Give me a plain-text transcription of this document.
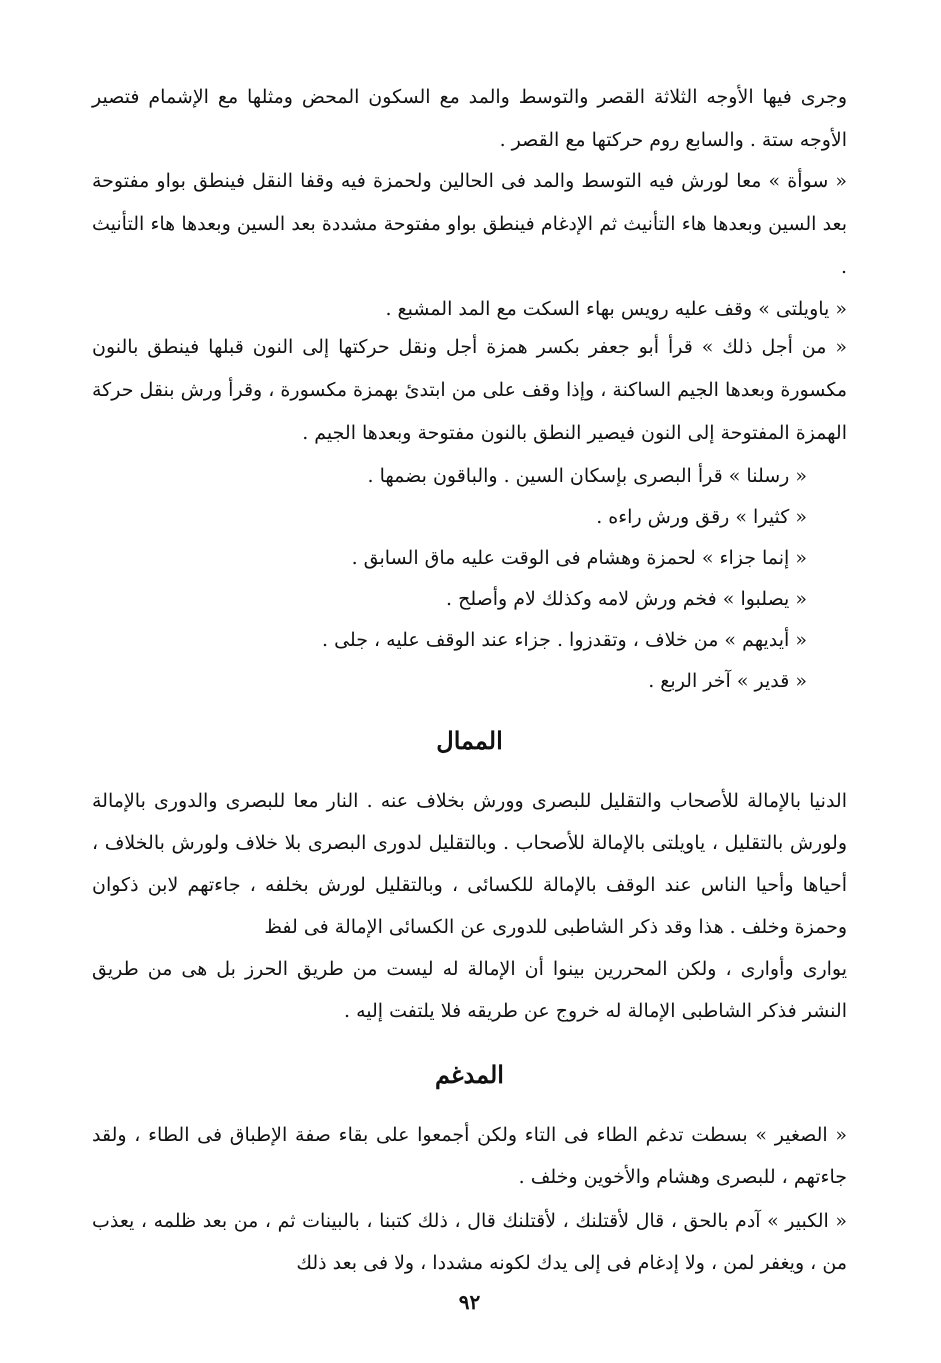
وجرى فيها الأوجه الثلاثة القصر والتوسط والمد مع السكون المحض ومثلها مع الإشمام فتصير الأوجه ستة . والسابع روم حركتها مع القصر .

« سوأة » معا لورش فيه التوسط والمد فى الحالين ولحمزة فيه وقفا النقل فينطق بواو مفتوحة بعد السين وبعدها هاء التأنيث ثم الإدغام فينطق بواو مفتوحة مشددة بعد السين وبعدها هاء التأنيث .

« ياويلتى » وقف عليه رويس بهاء السكت مع المد المشبع .

« من أجل ذلك » قرأ أبو جعفر بكسر همزة أجل ونقل حركتها إلى النون قبلها فينطق بالنون مكسورة وبعدها الجيم الساكنة ، وإذا وقف على من ابتدئ بهمزة مكسورة ، وقرأ ورش بنقل حركة الهمزة المفتوحة إلى النون فيصير النطق بالنون مفتوحة وبعدها الجيم .

« رسلنا » قرأ البصرى بإسكان السين . والباقون بضمها .
« كثيرا » رقق ورش راءه .
« إنما جزاء » لحمزة وهشام فى الوقت عليه ماق السابق .
« يصلبوا » فخم ورش لامه وكذلك لام وأصلح .
« أيديهم » من خلاف ، وتقدزوا . جزاء عند الوقف عليه ، جلى .
« قدير » آخر الربع .
الممال

الدنيا بالإمالة للأصحاب والتقليل للبصرى وورش بخلاف عنه . النار معا للبصرى والدورى بالإمالة ولورش بالتقليل ، ياويلتى بالإمالة للأصحاب . وبالتقليل لدورى البصرى بلا خلاف ولورش بالخلاف ، أحياها وأحيا الناس عند الوقف بالإمالة للكسائى ، وبالتقليل لورش بخلفه ، جاءتهم لابن ذكوان وحمزة وخلف . هذا وقد ذكر الشاطبى للدورى عن الكسائى الإمالة فى لفظ

يوارى وأوارى ، ولكن المحررين بينوا أن الإمالة له ليست من طريق الحرز بل هى من طريق النشر فذكر الشاطبى الإمالة له خروج عن طريقه فلا يلتفت إليه .

المدغم

« الصغير » بسطت تدغم الطاء فى التاء ولكن أجمعوا على بقاء صفة الإطباق فى الطاء ، ولقد جاءتهم ، للبصرى وهشام والأخوين وخلف .

« الكبير » آدم بالحق ، قال لأقتلنك ، لأقتلنك قال ، ذلك كتبنا ، بالبينات ثم ، من بعد ظلمه ، يعذب من ، ويغفر لمن ، ولا إدغام فى إلى يدك لكونه مشددا ، ولا فى بعد ذلك

٩٢
